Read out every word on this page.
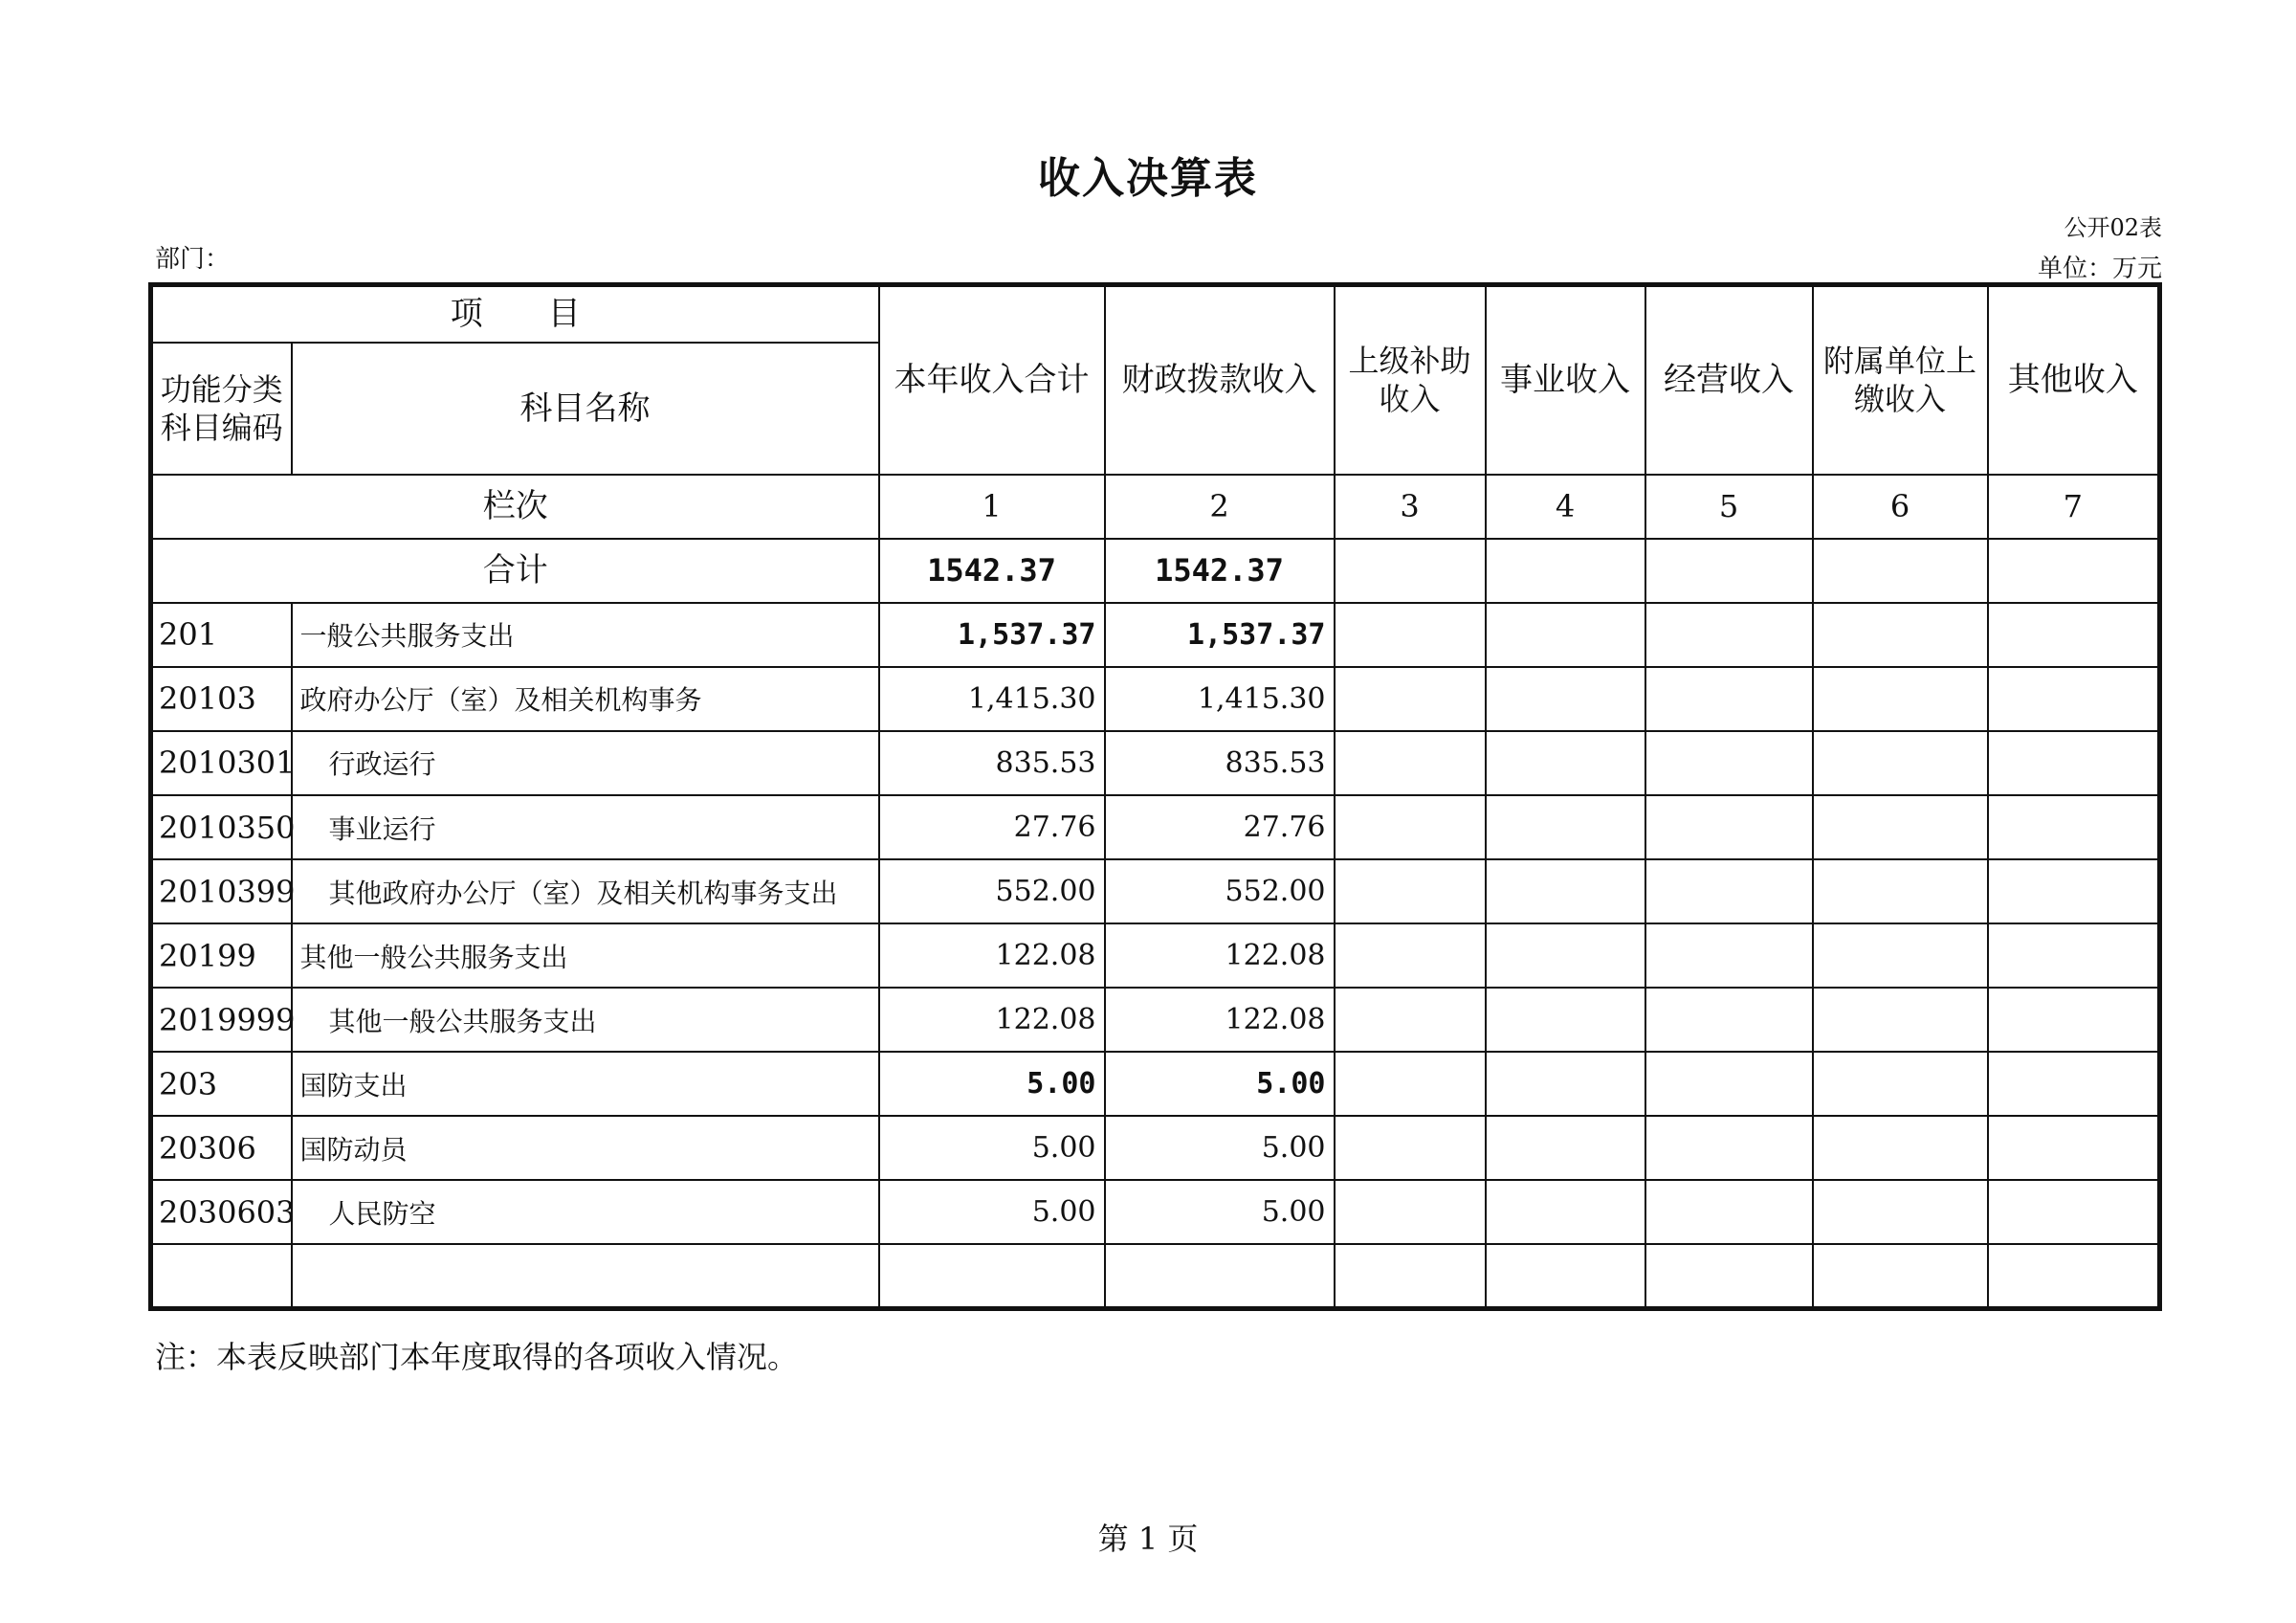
收入决算表
公开02表
部门：	单位：万元
项　　目		本年收入合计	财政拨款收入	上级补助收入	事业收入	经营收入	附属单位上缴收入	其他收入
功能分类科目编码	科目名称							
栏次		1	2	3	4	5	6	7
合计		1542.37	1542.37					
201	一般公共服务支出	1,537.37	1,537.37					
20103	政府办公厅（室）及相关机构事务	1,415.30	1,415.30					
2010301	行政运行	835.53	835.53					
2010350	事业运行	27.76	27.76					
2010399	其他政府办公厅（室）及相关机构事务支出	552.00	552.00					
20199	其他一般公共服务支出	122.08	122.08					
2019999	其他一般公共服务支出	122.08	122.08					
203	国防支出	5.00	5.00					
20306	国防动员	5.00	5.00					
2030603	人民防空	5.00	5.00					

注：本表反映部门本年度取得的各项收入情况。
第 1 页
